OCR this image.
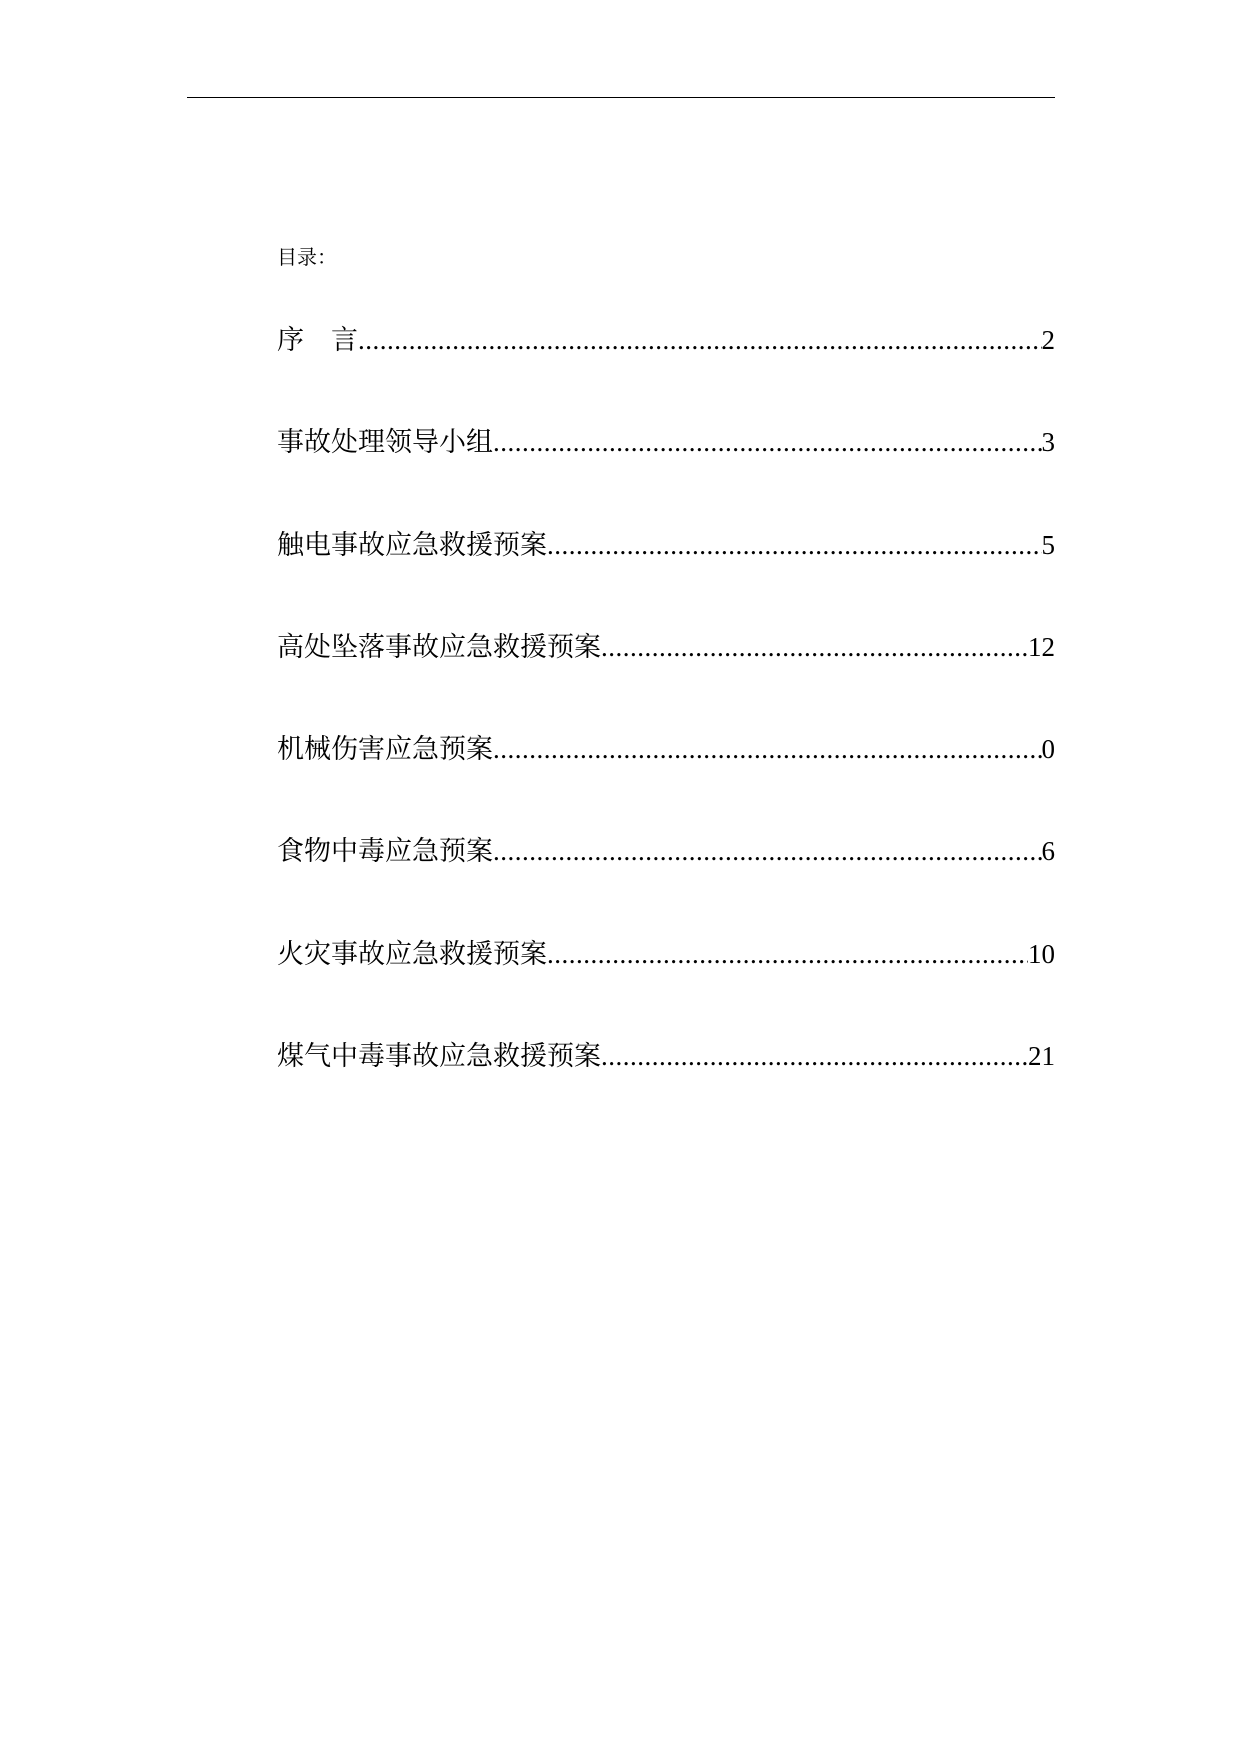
目录：
序    言 .....	2
事故处理领导小组 .....	3
触电事故应急救援预案 .....	5
高处坠落事故应急救援预案 .....	12
机械伤害应急预案 .....	0
食物中毒应急预案 .....	6
火灾事故应急救援预案 .....	10
煤气中毒事故应急救援预案 .....	21
